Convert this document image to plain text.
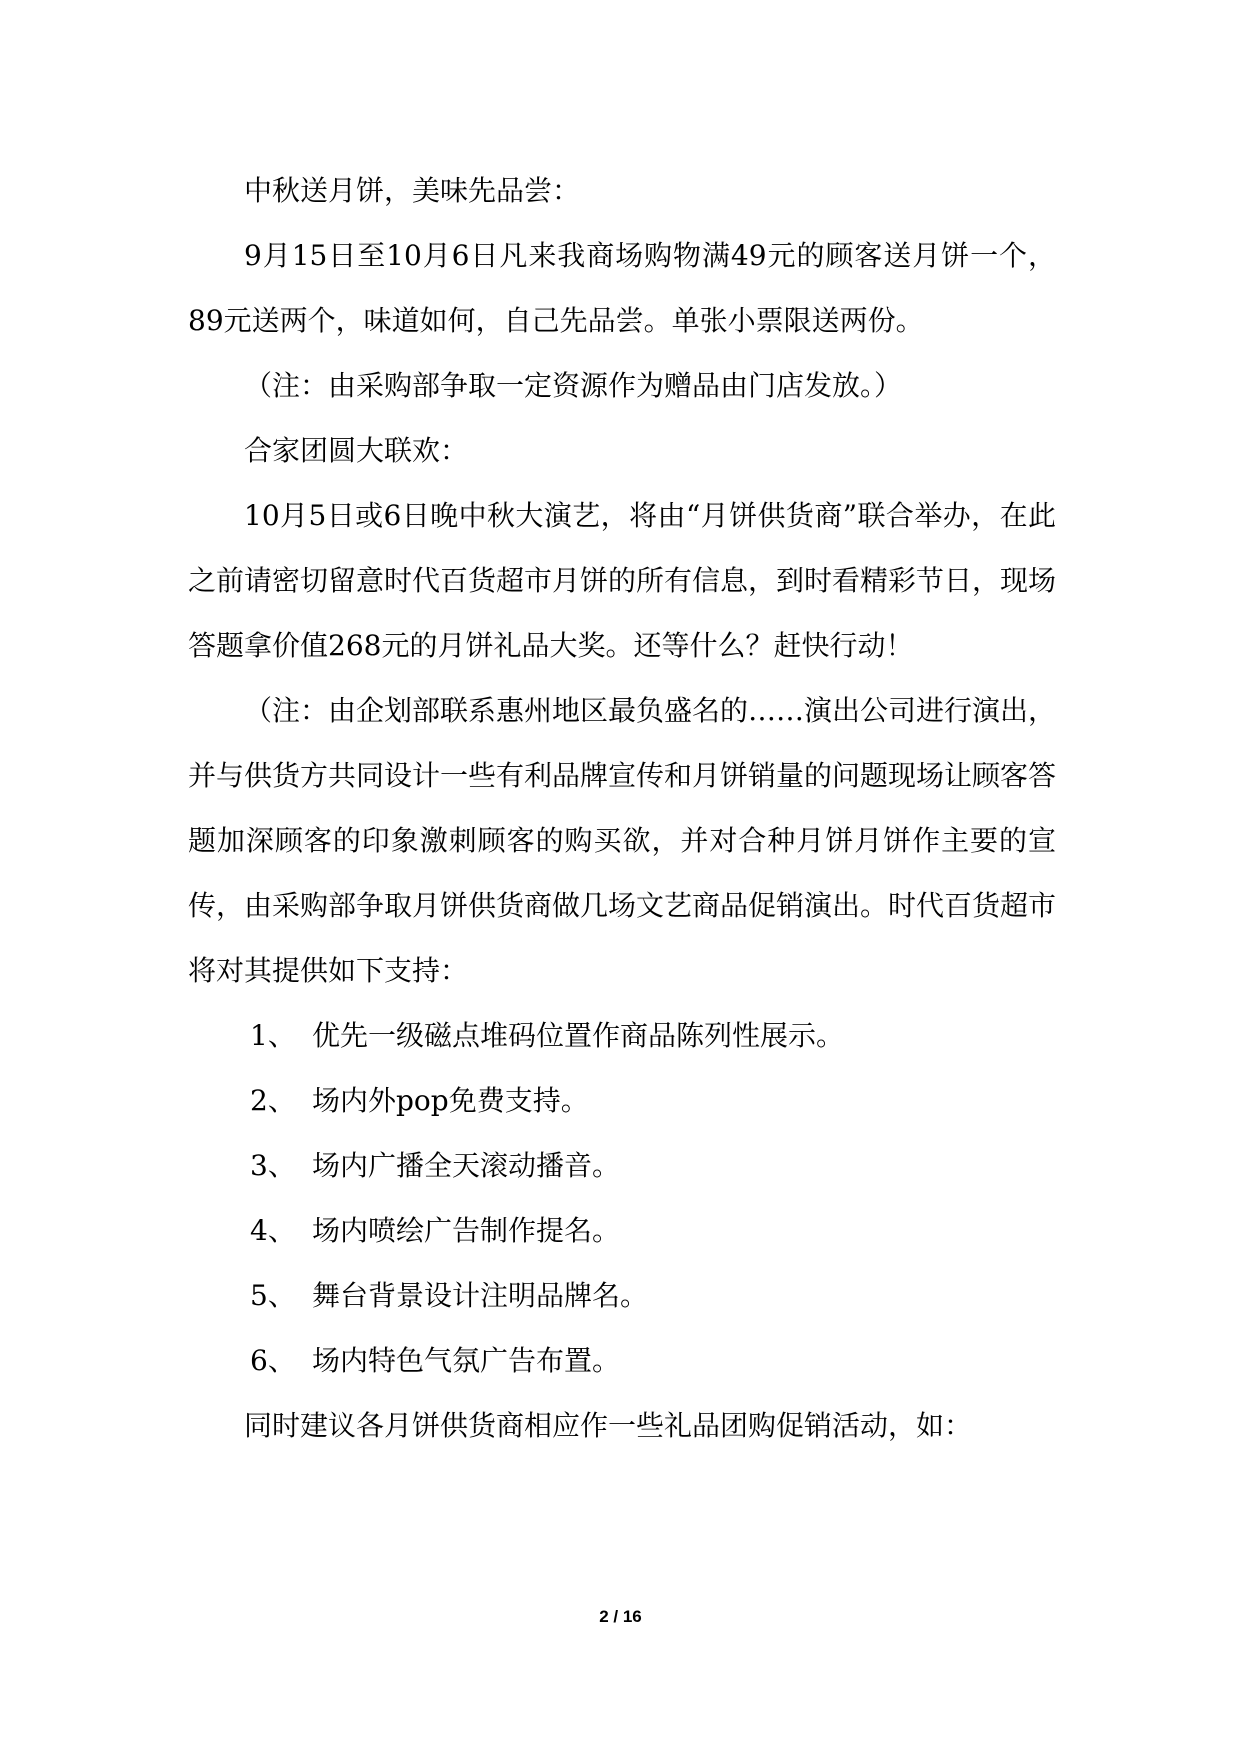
中秋送月饼，美味先品尝：

9月15日至10月6日凡来我商场购物满49元的顾客送月饼一个，89元送两个，味道如何，自己先品尝。单张小票限送两份。

（注：由采购部争取一定资源作为赠品由门店发放。）

合家团圆大联欢：

10月5日或6日晚中秋大演艺，将由“月饼供货商”联合举办，在此之前请密切留意时代百货超市月饼的所有信息，到时看精彩节日，现场答题拿价值268元的月饼礼品大奖。还等什么？赶快行动！

（注：由企划部联系惠州地区最负盛名的……演出公司进行演出，并与供货方共同设计一些有利品牌宣传和月饼销量的问题现场让顾客答题加深顾客的印象激刺顾客的购买欲，并对合种月饼月饼作主要的宣传，由采购部争取月饼供货商做几场文艺商品促销演出。时代百货超市将对其提供如下支持：

1、 优先一级磁点堆码位置作商品陈列性展示。

2、 场内外pop免费支持。

3、 场内广播全天滚动播音。

4、 场内喷绘广告制作提名。

5、 舞台背景设计注明品牌名。

6、 场内特色气氛广告布置。

同时建议各月饼供货商相应作一些礼品团购促销活动，如：

2 / 16
